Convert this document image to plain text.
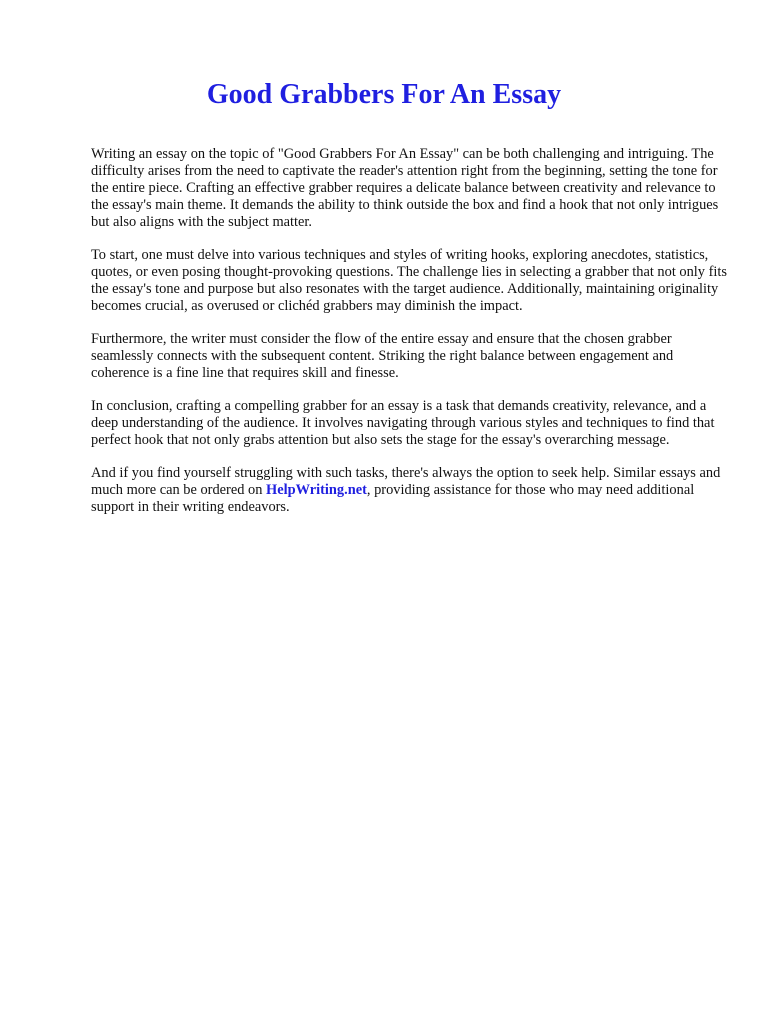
Good Grabbers For An Essay

Writing an essay on the topic of "Good Grabbers For An Essay" can be both challenging and intriguing. The difficulty arises from the need to captivate the reader's attention right from the beginning, setting the tone for the entire piece. Crafting an effective grabber requires a delicate balance between creativity and relevance to the essay's main theme. It demands the ability to think outside the box and find a hook that not only intrigues but also aligns with the subject matter.

To start, one must delve into various techniques and styles of writing hooks, exploring anecdotes, statistics, quotes, or even posing thought-provoking questions. The challenge lies in selecting a grabber that not only fits the essay's tone and purpose but also resonates with the target audience. Additionally, maintaining originality becomes crucial, as overused or clichéd grabbers may diminish the impact.

Furthermore, the writer must consider the flow of the entire essay and ensure that the chosen grabber seamlessly connects with the subsequent content. Striking the right balance between engagement and coherence is a fine line that requires skill and finesse.

In conclusion, crafting a compelling grabber for an essay is a task that demands creativity, relevance, and a deep understanding of the audience. It involves navigating through various styles and techniques to find that perfect hook that not only grabs attention but also sets the stage for the essay's overarching message.

And if you find yourself struggling with such tasks, there's always the option to seek help. Similar essays and much more can be ordered on HelpWriting.net, providing assistance for those who may need additional support in their writing endeavors.
